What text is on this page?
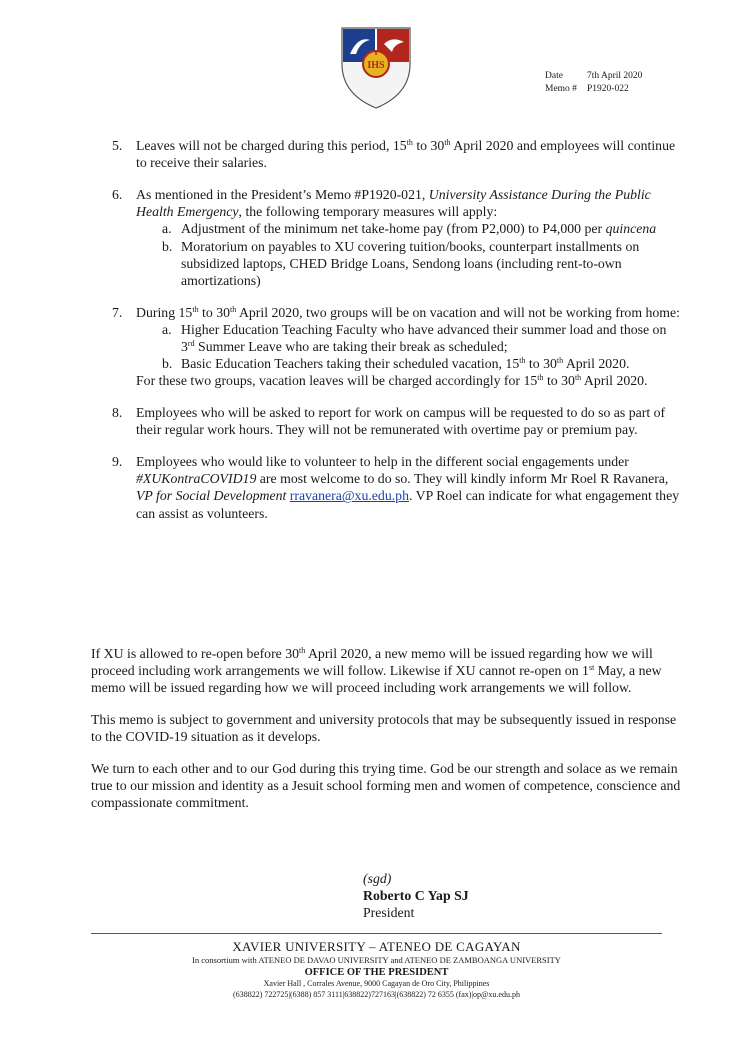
IHS
Date	7th April 2020
Memo #	P1920-022
5. Leaves will not be charged during this period, 15th to 30th April 2020 and employees will continue to receive their salaries.
6. As mentioned in the President’s Memo #P1920-021, University Assistance During the Public Health Emergency, the following temporary measures will apply:
a. Adjustment of the minimum net take-home pay (from P2,000) to P4,000 per quincena
b. Moratorium on payables to XU covering tuition/books, counterpart installments on subsidized laptops, CHED Bridge Loans, Sendong loans (including rent-to-own amortizations)
7. During 15th to 30th April 2020, two groups will be on vacation and will not be working from home:
a. Higher Education Teaching Faculty who have advanced their summer load and those on 3rd Summer Leave who are taking their break as scheduled;
b. Basic Education Teachers taking their scheduled vacation, 15th to 30th April 2020.
For these two groups, vacation leaves will be charged accordingly for 15th to 30th April 2020.
8. Employees who will be asked to report for work on campus will be requested to do so as part of their regular work hours. They will not be remunerated with overtime pay or premium pay.
9. Employees who would like to volunteer to help in the different social engagements under #XUKontraCOVID19 are most welcome to do so. They will kindly inform Mr Roel R Ravanera, VP for Social Development rravanera@xu.edu.ph. VP Roel can indicate for what engagement they can assist as volunteers.

If XU is allowed to re-open before 30th April 2020, a new memo will be issued regarding how we will proceed including work arrangements we will follow. Likewise if XU cannot re-open on 1st May, a new memo will be issued regarding how we will proceed including work arrangements we will follow.

This memo is subject to government and university protocols that may be subsequently issued in response to the COVID-19 situation as it develops.

We turn to each other and to our God during this trying time. God be our strength and solace as we remain true to our mission and identity as a Jesuit school forming men and women of competence, conscience and compassionate commitment.

(sgd)
Roberto C Yap SJ
President
XAVIER UNIVERSITY – ATENEO DE CAGAYAN
In consortium with ATENEO DE DAVAO UNIVERSITY and ATENEO DE ZAMBOANGA UNIVERSITY
OFFICE OF THE PRESIDENT
Xavier Hall , Corrales Avenue, 9000 Cagayan de Oro City, Philippines
(638822) 722725|(6388) 857 3111|638822)727163|(638822) 72 6355 (fax)|op@xu.edu.ph
